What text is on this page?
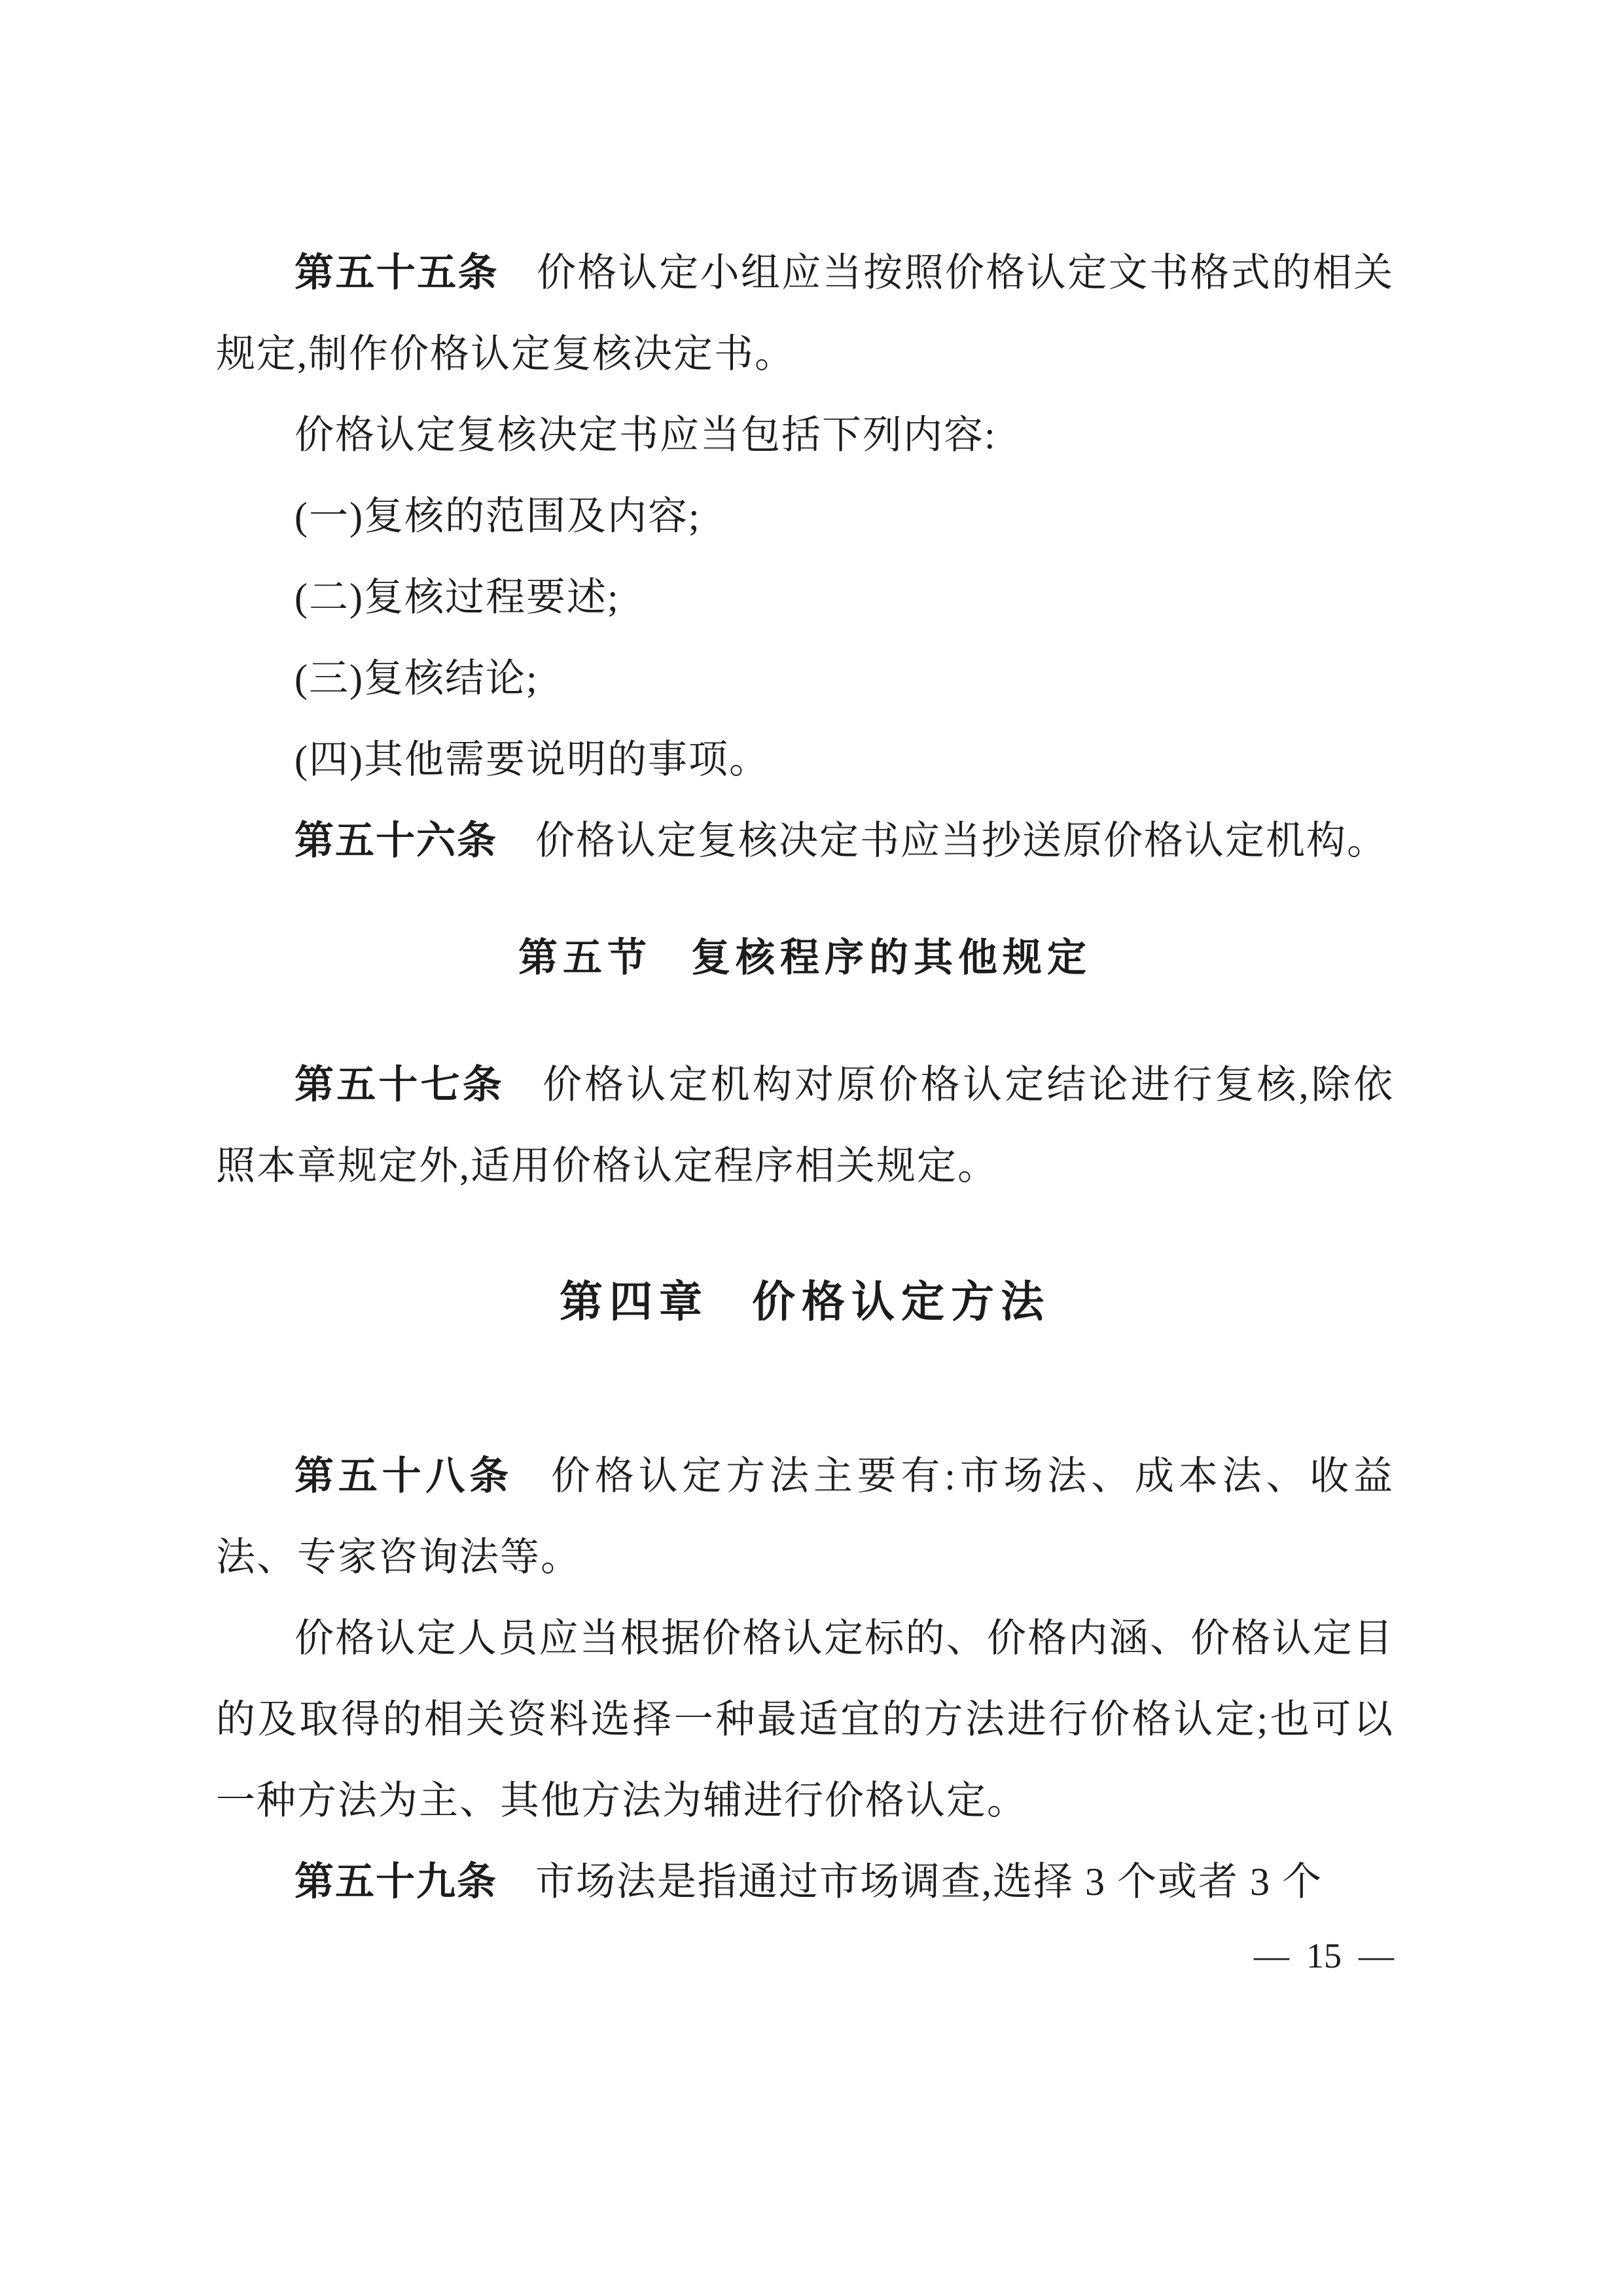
第五十五条 价格认定小组应当按照价格认定文书格式的相关规定,制作价格认定复核决定书。

价格认定复核决定书应当包括下列内容:

(一)复核的范围及内容;

(二)复核过程要述;

(三)复核结论;

(四)其他需要说明的事项。

第五十六条 价格认定复核决定书应当抄送原价格认定机构。

第五节 复核程序的其他规定

第五十七条 价格认定机构对原价格认定结论进行复核,除依照本章规定外,适用价格认定程序相关规定。

第四章 价格认定方法

第五十八条 价格认定方法主要有:市场法、成本法、收益法、专家咨询法等。

价格认定人员应当根据价格认定标的、价格内涵、价格认定目的及取得的相关资料选择一种最适宜的方法进行价格认定;也可以一种方法为主、其他方法为辅进行价格认定。

第五十九条 市场法是指通过市场调查,选择 3 个或者 3 个

— 15 —
